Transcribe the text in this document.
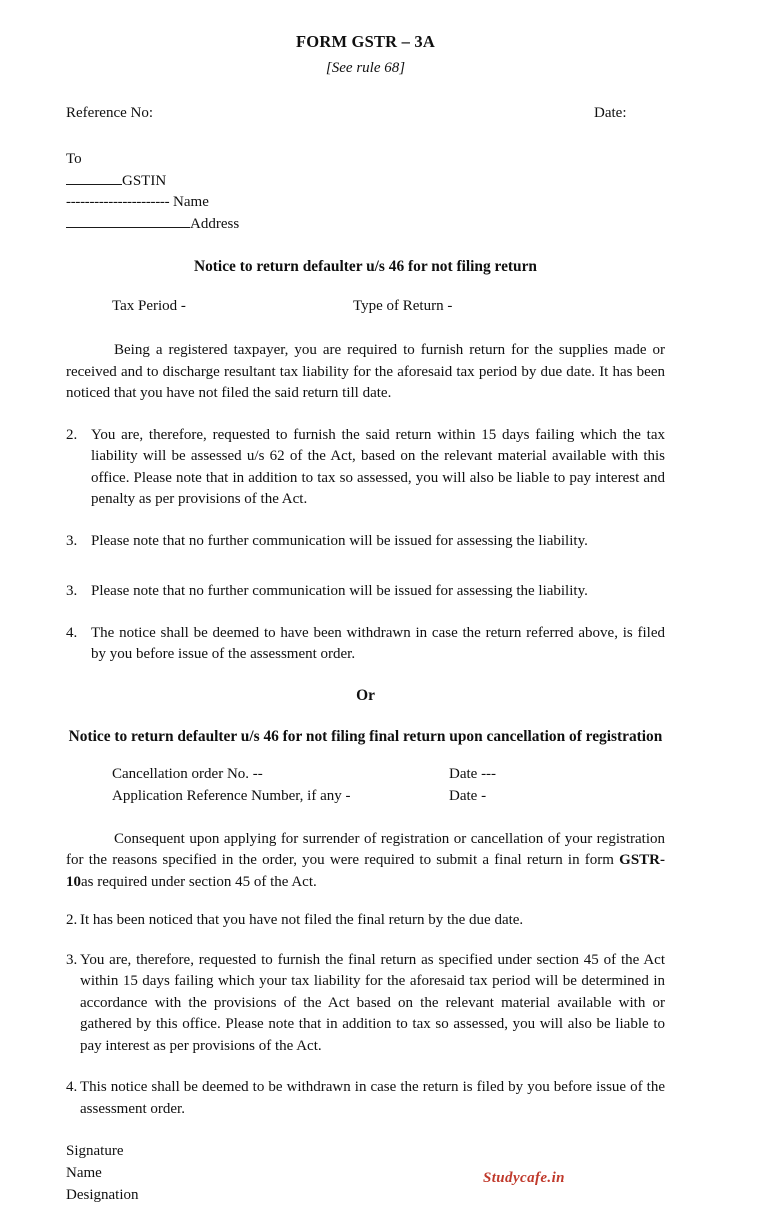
FORM GSTR – 3A
[See rule 68]
Reference No:	Date:
To
GSTIN
---------------------- Name
Address
Notice to return defaulter u/s 46 for not filing return
Tax Period -	Type of Return -

Being a registered taxpayer, you are required to furnish return for the supplies made or received and to discharge resultant tax liability for the aforesaid tax period by due date. It has been noticed that you have not filed the said return till date.

2. You are, therefore, requested to furnish the said return within 15 days failing which the tax liability will be assessed u/s 62 of the Act, based on the relevant material available with this office. Please note that in addition to tax so assessed, you will also be liable to pay interest and penalty as per provisions of the Act.
3. Please note that no further communication will be issued for assessing the liability.
3. Please note that no further communication will be issued for assessing the liability.
4. The notice shall be deemed to have been withdrawn in case the return referred above, is filed by you before issue of the assessment order.
Or
Notice to return defaulter u/s 46 for not filing final return upon cancellation of registration
Cancellation order No. --	Date ---
Application Reference Number, if any -	Date -

Consequent upon applying for surrender of registration or cancellation of your registration for the reasons specified in the order, you were required to submit a final return in form GSTR-10as required under section 45 of the Act.

2. It has been noticed that you have not filed the final return by the due date.
3. You are, therefore, requested to furnish the final return as specified under section 45 of the Act within 15 days failing which your tax liability for the aforesaid tax period will be determined in accordance with the provisions of the Act based on the relevant material available with or gathered by this office. Please note that in addition to tax so assessed, you will also be liable to pay interest as per provisions of the Act.
4. This notice shall be deemed to be withdrawn in case the return is filed by you before issue of the assessment order.
Signature
Name
Designation
Studycafe.in
